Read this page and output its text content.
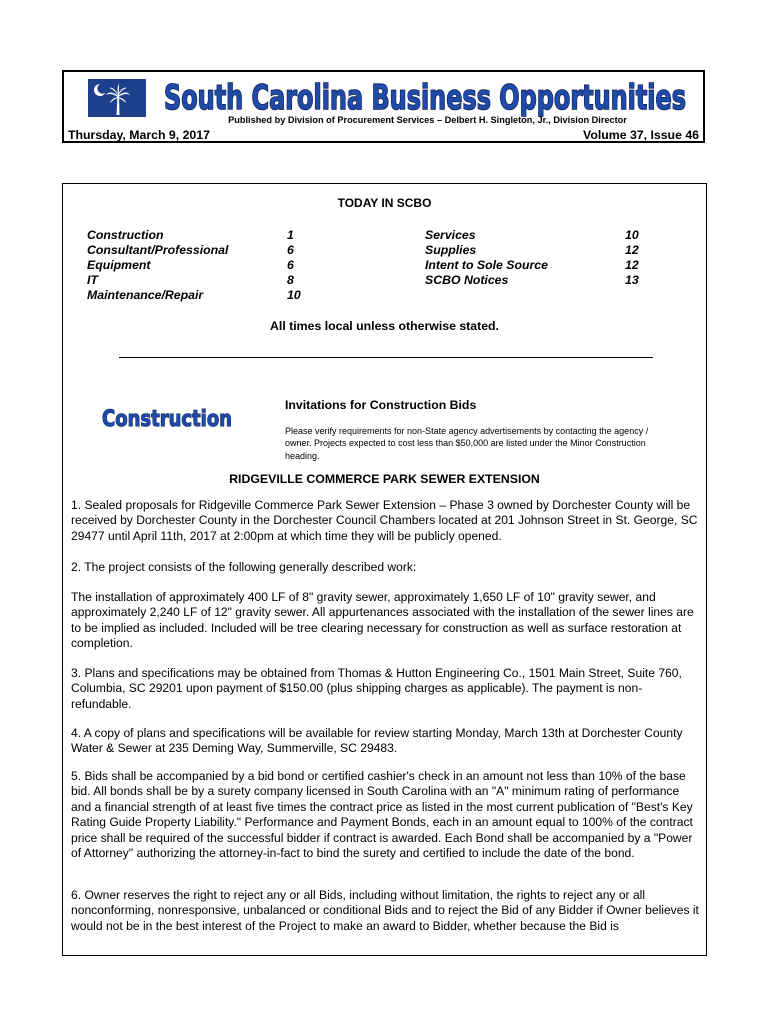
South Carolina Business Opportunities
Published by Division of Procurement Services – Delbert H. Singleton, Jr., Division Director
Thursday, March 9, 2017	Volume 37, Issue 46
TODAY IN SCBO
Construction	1
Consultant/Professional	6
Equipment	6
IT	8
Maintenance/Repair	10
Services	10
Supplies	12
Intent to Sole Source	12
SCBO Notices	13
All times local unless otherwise stated.
Construction
Invitations for Construction Bids
Please verify requirements for non-State agency advertisements by contacting the agency / owner. Projects expected to cost less than $50,000 are listed under the Minor Construction heading.
RIDGEVILLE COMMERCE PARK SEWER EXTENSION
1. Sealed proposals for Ridgeville Commerce Park Sewer Extension – Phase 3 owned by Dorchester County will be received by Dorchester County in the Dorchester Council Chambers located at 201 Johnson Street in St. George, SC 29477 until April 11th, 2017 at 2:00pm at which time they will be publicly opened.
2. The project consists of the following generally described work:
The installation of approximately 400 LF of 8" gravity sewer, approximately 1,650 LF of 10" gravity sewer, and approximately 2,240 LF of 12" gravity sewer. All appurtenances associated with the installation of the sewer lines are to be implied as included. Included will be tree clearing necessary for construction as well as surface restoration at completion.
3. Plans and specifications may be obtained from Thomas & Hutton Engineering Co., 1501 Main Street, Suite 760, Columbia, SC 29201 upon payment of $150.00 (plus shipping charges as applicable). The payment is non-refundable.
4. A copy of plans and specifications will be available for review starting Monday, March 13th at Dorchester County Water & Sewer at 235 Deming Way, Summerville, SC 29483.
5. Bids shall be accompanied by a bid bond or certified cashier's check in an amount not less than 10% of the base bid. All bonds shall be by a surety company licensed in South Carolina with an "A" minimum rating of performance and a financial strength of at least five times the contract price as listed in the most current publication of "Best's Key Rating Guide Property Liability." Performance and Payment Bonds, each in an amount equal to 100% of the contract price shall be required of the successful bidder if contract is awarded. Each Bond shall be accompanied by a "Power of Attorney" authorizing the attorney-in-fact to bind the surety and certified to include the date of the bond.
6. Owner reserves the right to reject any or all Bids, including without limitation, the rights to reject any or all nonconforming, nonresponsive, unbalanced or conditional Bids and to reject the Bid of any Bidder if Owner believes it would not be in the best interest of the Project to make an award to Bidder, whether because the Bid is
